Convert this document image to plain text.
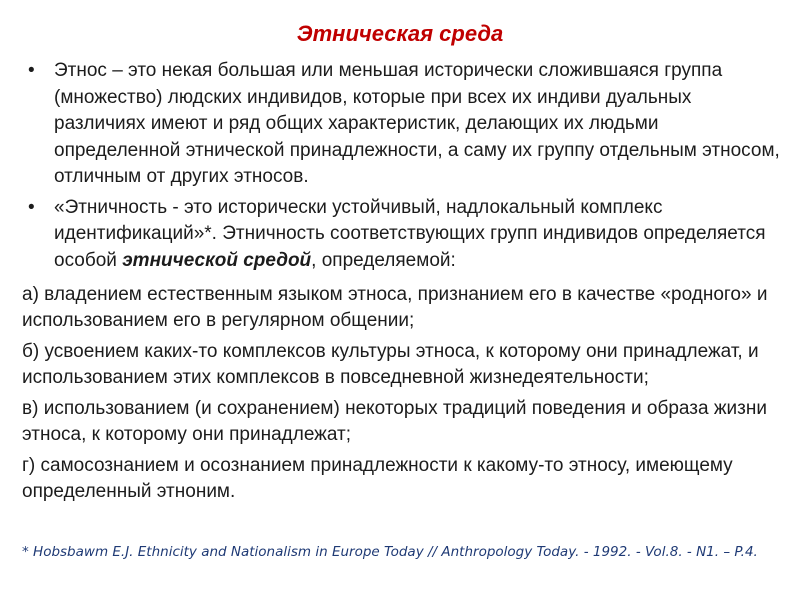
Этническая среда
• Этнос – это некая большая или меньшая исторически сложившаяся группа (множество) людских индивидов, которые при всех их индиви дуальных различиях имеют и ряд общих характеристик, делающих их людьми определенной этнической принадлежности, а саму их группу отдельным этносом, отличным от других этносов.
• «Этничность - это исторически устойчивый, надлокальный комплекс идентификаций»*. Этничность соответствующих групп индивидов определяется особой этнической средой, определяемой:
а) владением естественным языком этноса, признанием его в качестве «родного» и использованием его в регулярном общении;
б) усвоением каких-то комплексов культуры этноса, к которому они принадлежат, и использованием этих комплексов в повседневной жизнедеятельности;
в) использованием (и сохранением) некоторых традиций поведения и образа жизни этноса, к которому они принадлежат;
г) самосознанием и осознанием принадлежности к какому-то этносу, имеющему определенный этноним.
* Hobsbawm E.J. Ethnicity and Nationalism in Europe Today // Anthropology Today. - 1992. - Vol.8. - N1. – P.4.
